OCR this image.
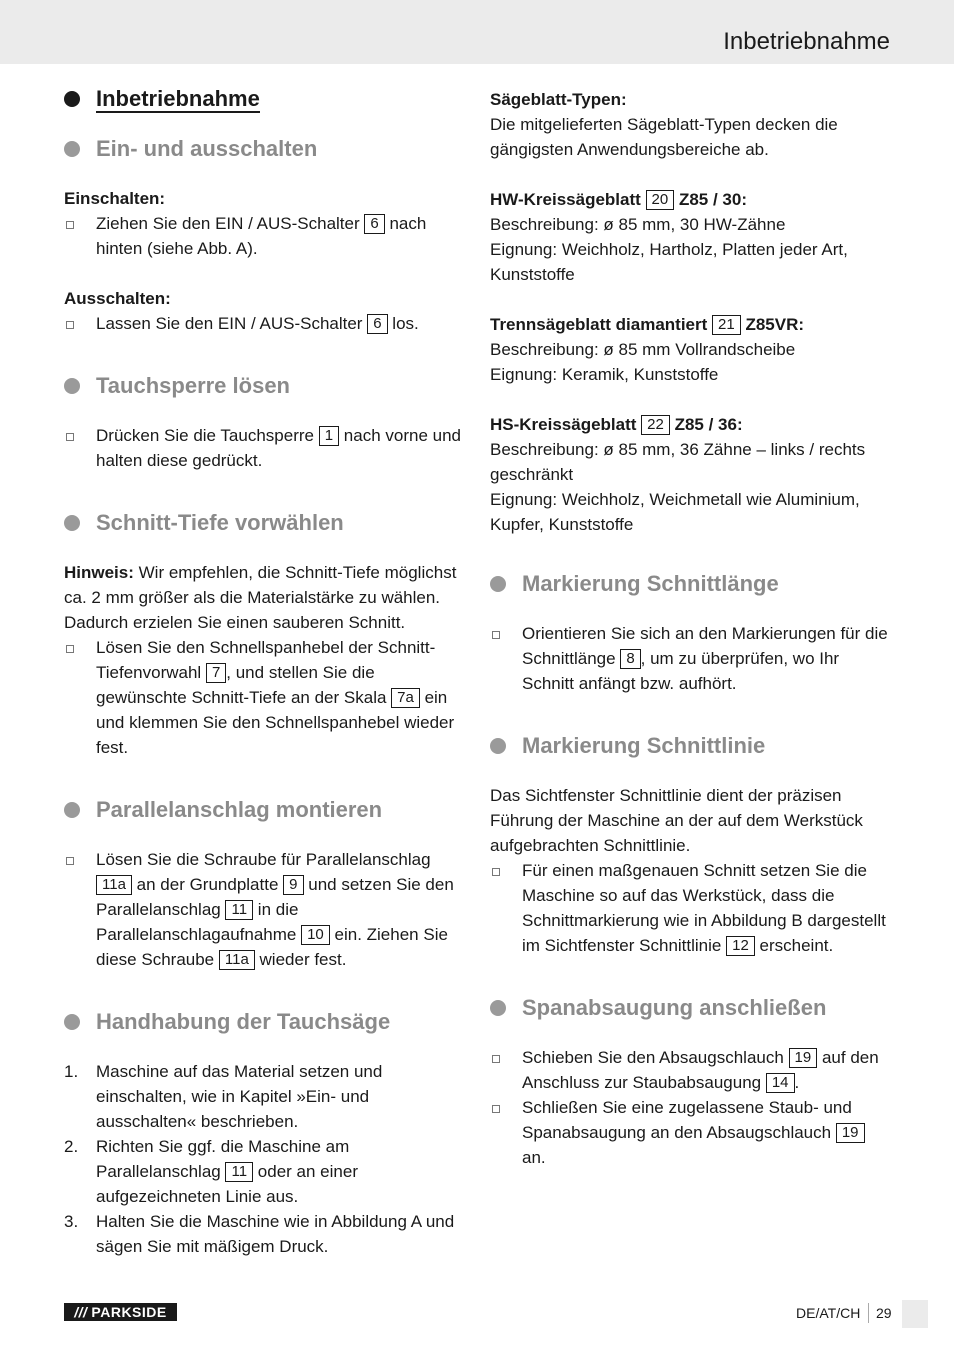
Inbetriebnahme
Inbetriebnahme
Ein- und ausschalten

Einschalten:

Ziehen Sie den EIN / AUS-Schalter 6 nach hinten (siehe Abb. A).

Ausschalten:

Lassen Sie den EIN / AUS-Schalter 6 los.
Tauchsperre lösen
Drücken Sie die Tauchsperre 1 nach vorne und halten diese gedrückt.
Schnitt-Tiefe vorwählen

Hinweis: Wir empfehlen, die Schnitt-Tiefe möglichst ca. 2 mm größer als die Materialstärke zu wählen. Dadurch erzielen Sie einen sauberen Schnitt.

Lösen Sie den Schnellspanhebel der Schnitt-Tiefenvorwahl 7 , und stellen Sie die gewünschte Schnitt-Tiefe an der Skala 7a ein und klemmen Sie den Schnellspanhebel wieder fest.
Parallelanschlag montieren
Lösen Sie die Schraube für Parallelanschlag 11a an der Grundplatte 9 und setzen Sie den Parallelanschlag 11 in die Parallelanschlagaufnahme 10 ein. Ziehen Sie diese Schraube 11a wieder fest.
Handhabung der Tauchsäge
1. Maschine auf das Material setzen und einschalten, wie in Kapitel »Ein- und ausschalten« beschrieben.
2. Richten Sie ggf. die Maschine am Parallelanschlag 11 oder an einer aufgezeichneten Linie aus.
3. Halten Sie die Maschine wie in Abbildung A und sägen Sie mit mäßigem Druck.

Sägeblatt-Typen:

Die mitgelieferten Sägeblatt-Typen decken die gängigsten Anwendungsbereiche ab.

HW-Kreissägeblatt 20 Z85 / 30:

Beschreibung: ø 85 mm, 30 HW-Zähne

Eignung: Weichholz, Hartholz, Platten jeder Art, Kunststoffe

Trennsägeblatt diamantiert 21 Z85VR:

Beschreibung: ø 85 mm Vollrandscheibe

Eignung: Keramik, Kunststoffe

HS-Kreissägeblatt 22 Z85 / 36:

Beschreibung: ø 85 mm, 36 Zähne – links / rechts geschränkt

Eignung: Weichholz, Weichmetall wie Aluminium, Kupfer, Kunststoffe

Markierung Schnittlänge
Orientieren Sie sich an den Markierungen für die Schnittlänge 8 , um zu überprüfen, wo Ihr Schnitt anfängt bzw. aufhört.
Markierung Schnittlinie

Das Sichtfenster Schnittlinie dient der präzisen Führung der Maschine an der auf dem Werkstück aufgebrachten Schnittlinie.

Für einen maßgenauen Schnitt setzen Sie die Maschine so auf das Werkstück, dass die Schnittmarkierung wie in Abbildung B dargestellt im Sichtfenster Schnittlinie 12 erscheint.
Spanabsaugung anschließen
Schieben Sie den Absaugschlauch 19 auf den Anschluss zur Staubabsaugung 14 .
Schließen Sie eine zugelassene Staub- und Spanabsaugung an den Absaugschlauch 19 an.
/// PARKSIDE	DE/AT/CH 29
